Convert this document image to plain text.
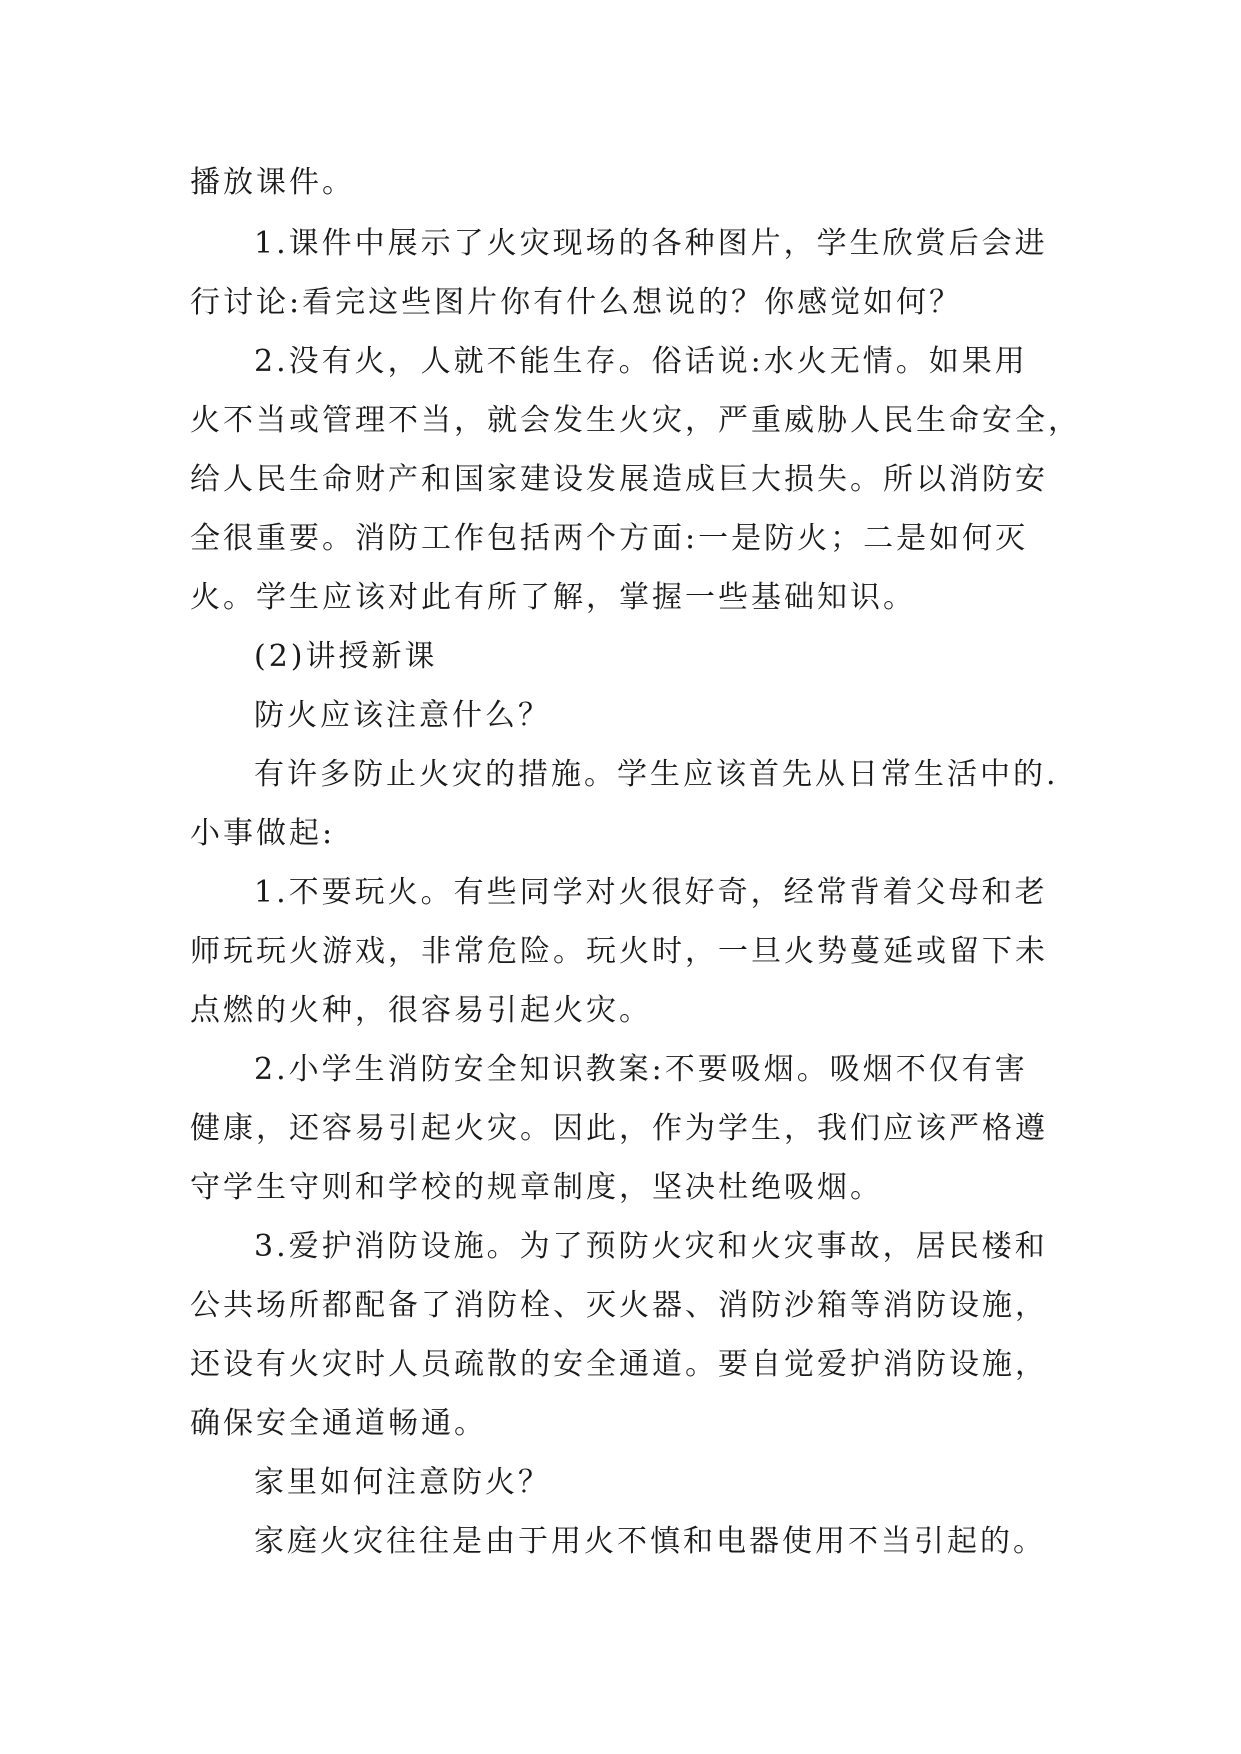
播放课件。
1.课件中展示了火灾现场的各种图片，学生欣赏后会进
行讨论:看完这些图片你有什么想说的？你感觉如何？
2.没有火，人就不能生存。俗话说:水火无情。如果用
火不当或管理不当，就会发生火灾，严重威胁人民生命安全，
给人民生命财产和国家建设发展造成巨大损失。所以消防安
全很重要。消防工作包括两个方面:一是防火；二是如何灭
火。学生应该对此有所了解，掌握一些基础知识。
(2)讲授新课
防火应该注意什么？
有许多防止火灾的措施。学生应该首先从日常生活中的.
小事做起:
1.不要玩火。有些同学对火很好奇，经常背着父母和老
师玩玩火游戏，非常危险。玩火时，一旦火势蔓延或留下未
点燃的火种，很容易引起火灾。
2.小学生消防安全知识教案:不要吸烟。吸烟不仅有害
健康，还容易引起火灾。因此，作为学生，我们应该严格遵
守学生守则和学校的规章制度，坚决杜绝吸烟。
3.爱护消防设施。为了预防火灾和火灾事故，居民楼和
公共场所都配备了消防栓、灭火器、消防沙箱等消防设施，
还设有火灾时人员疏散的安全通道。要自觉爱护消防设施，
确保安全通道畅通。
家里如何注意防火？
家庭火灾往往是由于用火不慎和电器使用不当引起的。
